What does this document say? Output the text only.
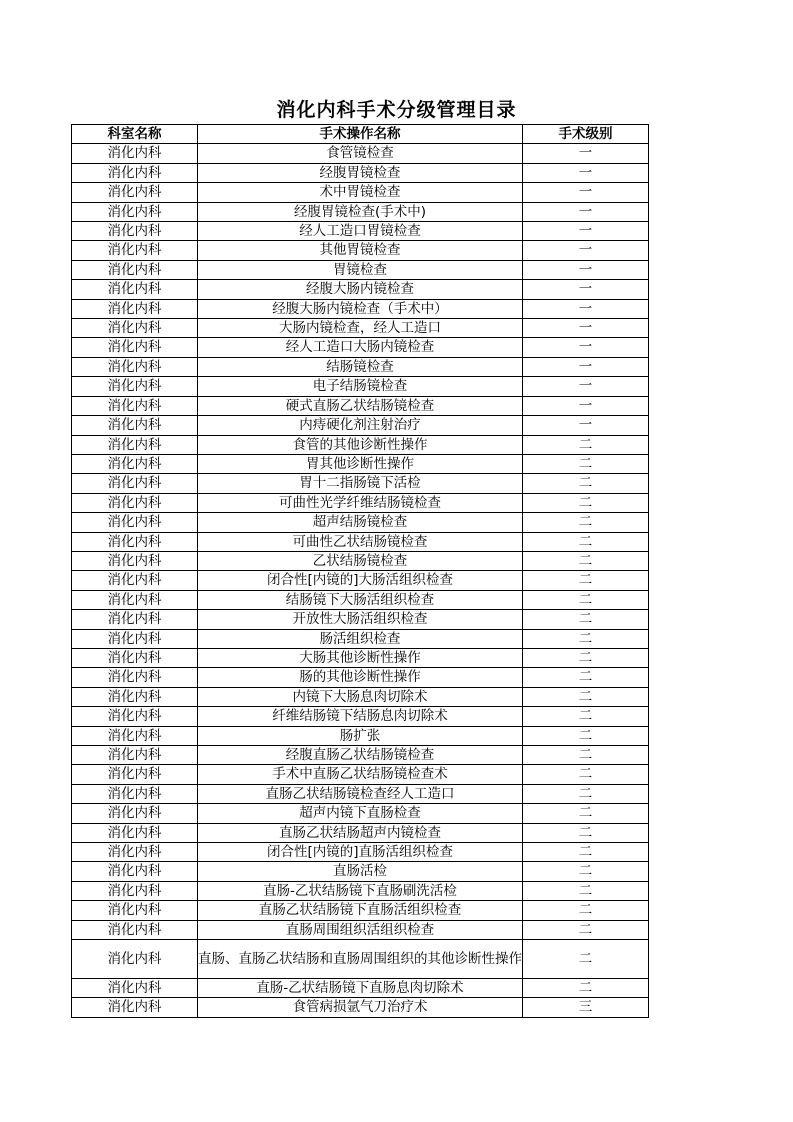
消化内科手术分级管理目录
科室名称	手术操作名称	手术级别
消化内科	食管镜检查	一
消化内科	经腹胃镜检查	一
消化内科	术中胃镜检查	一
消化内科	经腹胃镜检查(手术中)	一
消化内科	经人工造口胃镜检查	一
消化内科	其他胃镜检查	一
消化内科	胃镜检查	一
消化内科	经腹大肠内镜检查	一
消化内科	经腹大肠内镜检查（手术中）	一
消化内科	大肠内镜检查，经人工造口	一
消化内科	经人工造口大肠内镜检查	一
消化内科	结肠镜检查	一
消化内科	电子结肠镜检查	一
消化内科	硬式直肠乙状结肠镜检查	一
消化内科	内痔硬化剂注射治疗	一
消化内科	食管的其他诊断性操作	二
消化内科	胃其他诊断性操作	二
消化内科	胃十二指肠镜下活检	二
消化内科	可曲性光学纤维结肠镜检查	二
消化内科	超声结肠镜检查	二
消化内科	可曲性乙状结肠镜检查	二
消化内科	乙状结肠镜检查	二
消化内科	闭合性[内镜的]大肠活组织检查	二
消化内科	结肠镜下大肠活组织检查	二
消化内科	开放性大肠活组织检查	二
消化内科	肠活组织检查	二
消化内科	大肠其他诊断性操作	二
消化内科	肠的其他诊断性操作	二
消化内科	内镜下大肠息肉切除术	二
消化内科	纤维结肠镜下结肠息肉切除术	二
消化内科	肠扩张	二
消化内科	经腹直肠乙状结肠镜检查	二
消化内科	手术中直肠乙状结肠镜检查术	二
消化内科	直肠乙状结肠镜检查经人工造口	二
消化内科	超声内镜下直肠检查	二
消化内科	直肠乙状结肠超声内镜检查	二
消化内科	闭合性[内镜的]直肠活组织检查	二
消化内科	直肠活检	二
消化内科	直肠-乙状结肠镜下直肠刷洗活检	二
消化内科	直肠乙状结肠镜下直肠活组织检查	二
消化内科	直肠周围组织活组织检查	二
消化内科	直肠、直肠乙状结肠和直肠周围组织的其他诊断性操作	二
消化内科	直肠-乙状结肠镜下直肠息肉切除术	二
消化内科	食管病损氩气刀治疗术	三
